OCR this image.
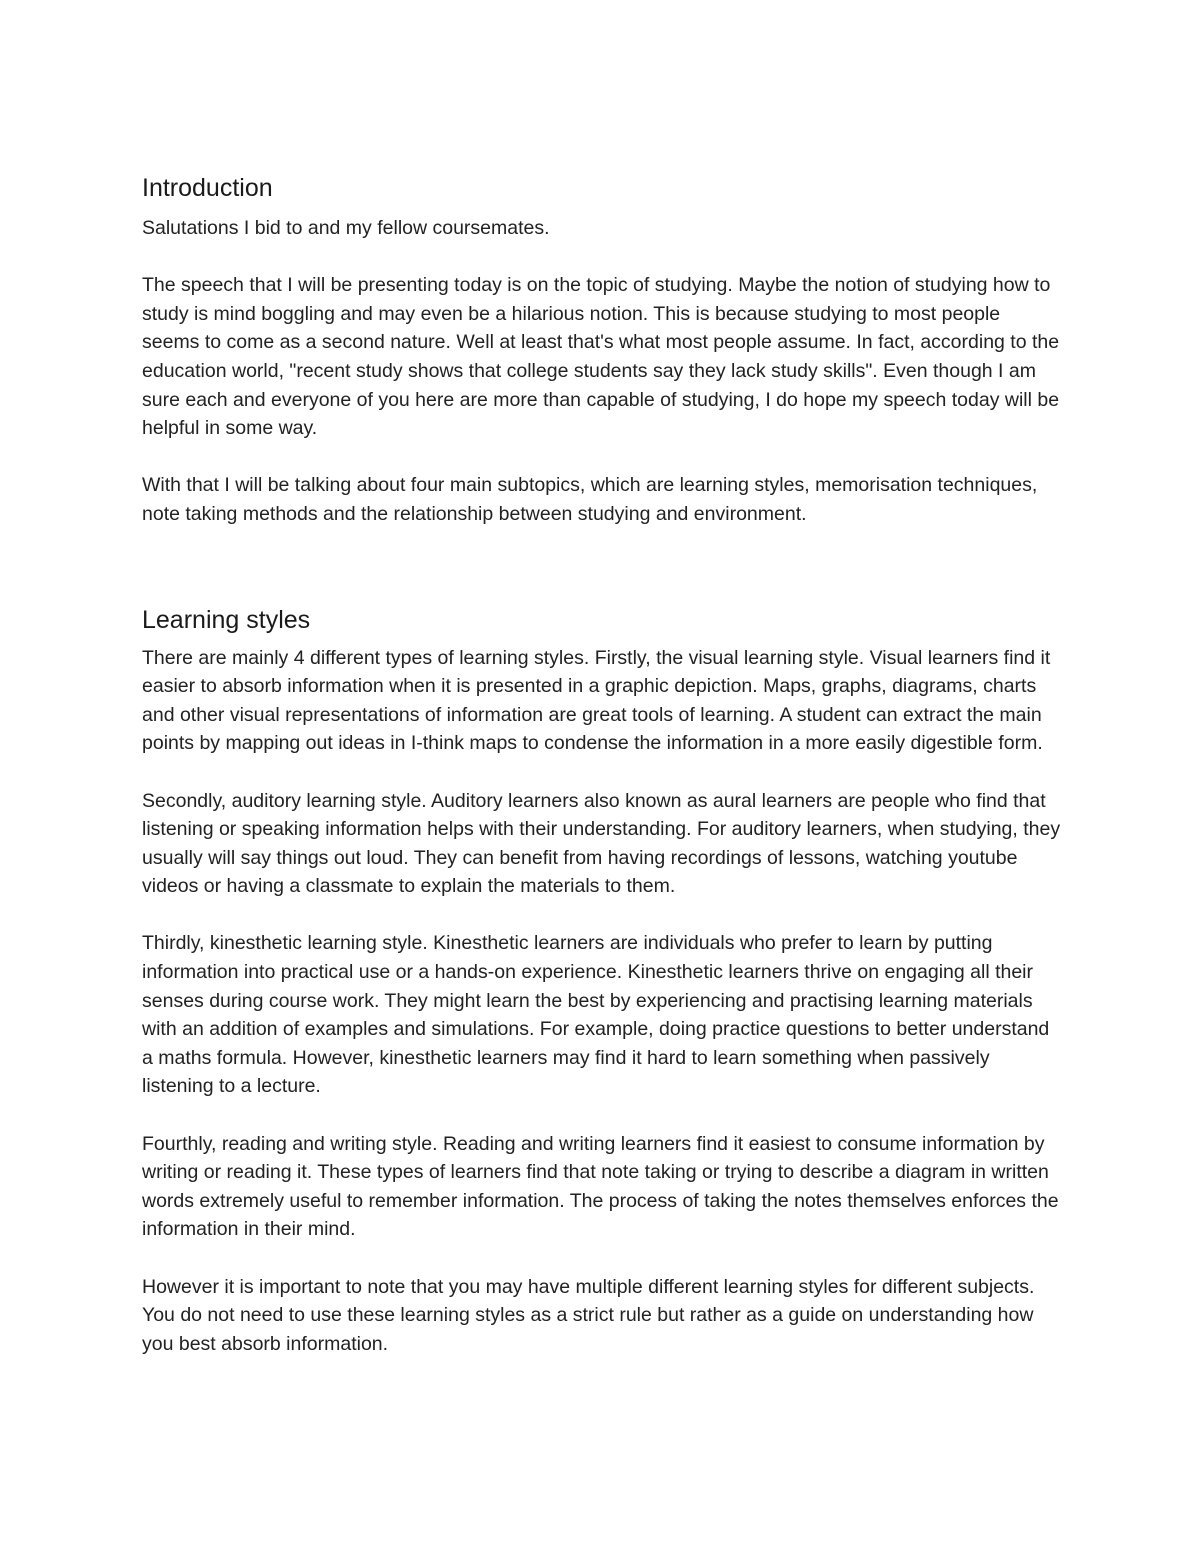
Introduction

Salutations I bid to and my fellow coursemates.

The speech that I will be presenting today is on the topic of studying. Maybe the notion of studying how to study is mind boggling and may even be a hilarious notion. This is because studying to most people seems to come as a second nature. Well at least that's what most people assume. In fact, according to the education world, "recent study shows that college students say they lack study skills". Even though I am sure each and everyone of you here are more than capable of studying, I do hope my speech today will be helpful in some way.

With that I will be talking about four main subtopics, which are learning styles, memorisation techniques, note taking methods and the relationship between studying and environment.

Learning styles

There are mainly 4 different types of learning styles. Firstly, the visual learning style. Visual learners find it easier to absorb information when it is presented in a graphic depiction. Maps, graphs, diagrams, charts and other visual representations of information are great tools of learning. A student can extract the main points by mapping out ideas in I-think maps to condense the information in a more easily digestible form.

Secondly, auditory learning style. Auditory learners also known as aural learners are people who find that listening or speaking information helps with their understanding. For auditory learners, when studying, they usually will say things out loud. They can benefit from having recordings of lessons, watching youtube videos or having a classmate to explain the materials to them.

Thirdly, kinesthetic learning style. Kinesthetic learners are individuals who prefer to learn by putting information into practical use or a hands-on experience. Kinesthetic learners thrive on engaging all their senses during course work. They might learn the best by experiencing and practising learning materials with an addition of examples and simulations. For example, doing practice questions to better understand a maths formula. However, kinesthetic learners may find it hard to learn something when passively listening to a lecture.

Fourthly, reading and writing style. Reading and writing learners find it easiest to consume information by writing or reading it. These types of learners find that note taking or trying to describe a diagram in written words extremely useful to remember information. The process of taking the notes themselves enforces the information in their mind.

However it is important to note that you may have multiple different learning styles for different subjects. You do not need to use these learning styles as a strict rule but rather as a guide on understanding how you best absorb information.
